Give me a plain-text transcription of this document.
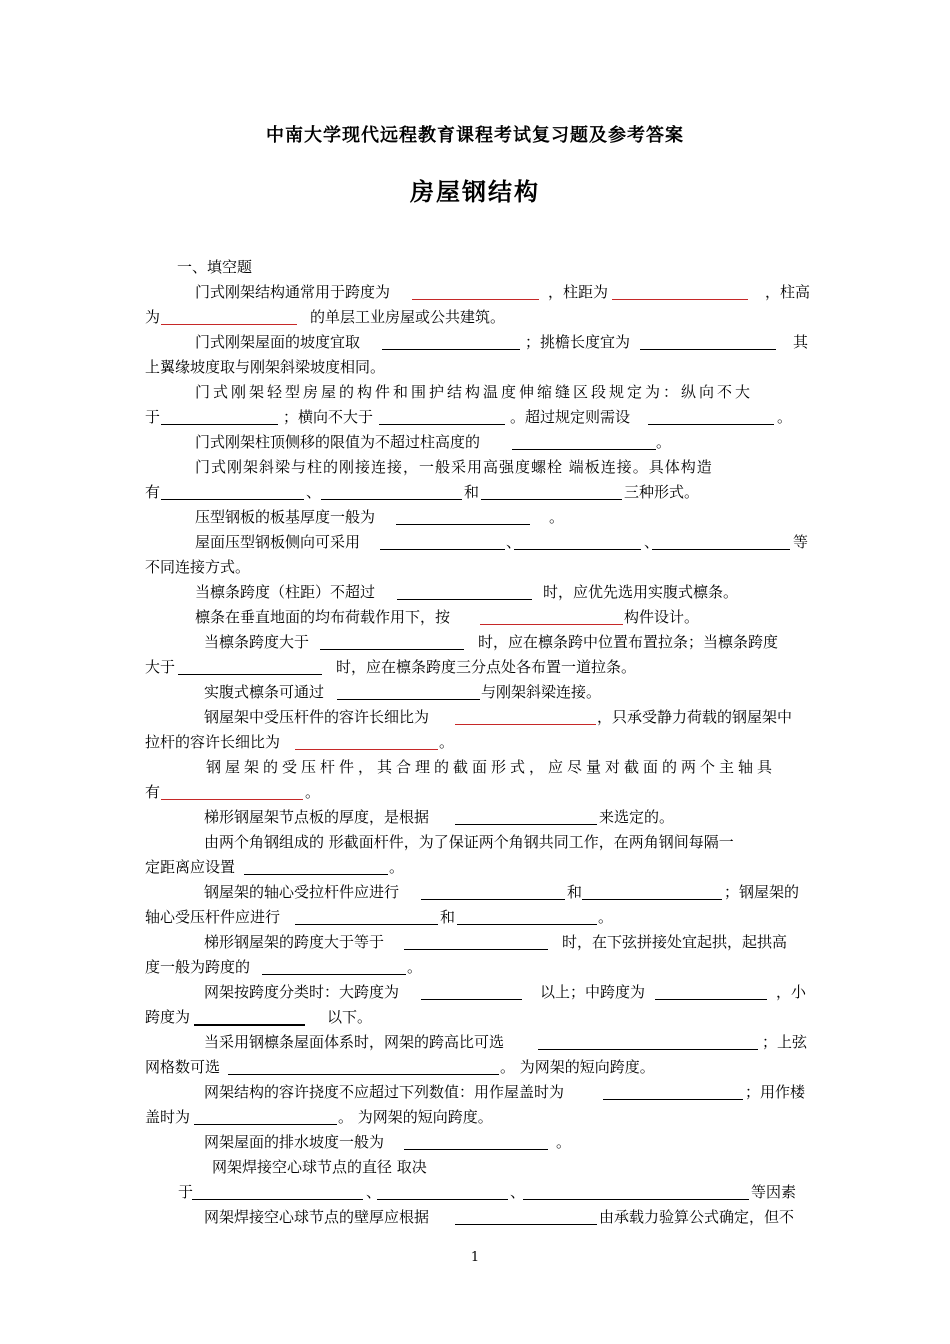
中南大学现代远程教育课程考试复习题及参考答案
房屋钢结构
一、填空题
门式刚架结构通常用于跨度为	，柱距为	，柱高
为	的单层工业房屋或公共建筑。
门式刚架屋面的坡度宜取	；挑檐长度宜为	其
上翼缘坡度取与刚架斜梁坡度相同。
门式刚架轻型房屋的构件和围护结构温度伸缩缝区段规定为：纵向不大
于	；横向不大于	。超过规定则需设	。
门式刚架柱顶侧移的限值为不超过柱高度的	。
门式刚架斜梁与柱的刚接连接，一般采用高强度螺栓 端板连接。具体构造
有	、	和	三种形式。
压型钢板的板基厚度一般为	。
屋面压型钢板侧向可采用	、	、	等
不同连接方式。
当檩条跨度（柱距）不超过	时，应优先选用实腹式檩条。
檩条在垂直地面的均布荷载作用下，按	构件设计。
当檩条跨度大于	时，应在檩条跨中位置布置拉条；当檩条跨度
大于	时，应在檩条跨度三分点处各布置一道拉条。
实腹式檩条可通过	与刚架斜梁连接。
钢屋架中受压杆件的容许长细比为	，只承受静力荷载的钢屋架中
拉杆的容许长细比为	。
钢屋架的受压杆件，其合理的截面形式，应尽量对截面的两个主轴具
有	。
梯形钢屋架节点板的厚度，是根据	来选定的。
由两个角钢组成的 形截面杆件，为了保证两个角钢共同工作，在两角钢间每隔一
定距离应设置	。
钢屋架的轴心受拉杆件应进行	和	；钢屋架的
轴心受压杆件应进行	和	。
梯形钢屋架的跨度大于等于	时，在下弦拼接处宜起拱，起拱高
度一般为跨度的	。
网架按跨度分类时：大跨度为	以上；中跨度为	，小
跨度为	以下。
当采用钢檩条屋面体系时，网架的跨高比可选	；上弦
网格数可选	。 为网架的短向跨度。
网架结构的容许挠度不应超过下列数值：用作屋盖时为	；用作楼
盖时为	。 为网架的短向跨度。
网架屋面的排水坡度一般为	。
网架焊接空心球节点的直径 取决
于	、	、	等因素
网架焊接空心球节点的壁厚应根据	由承载力验算公式确定，但不
1
